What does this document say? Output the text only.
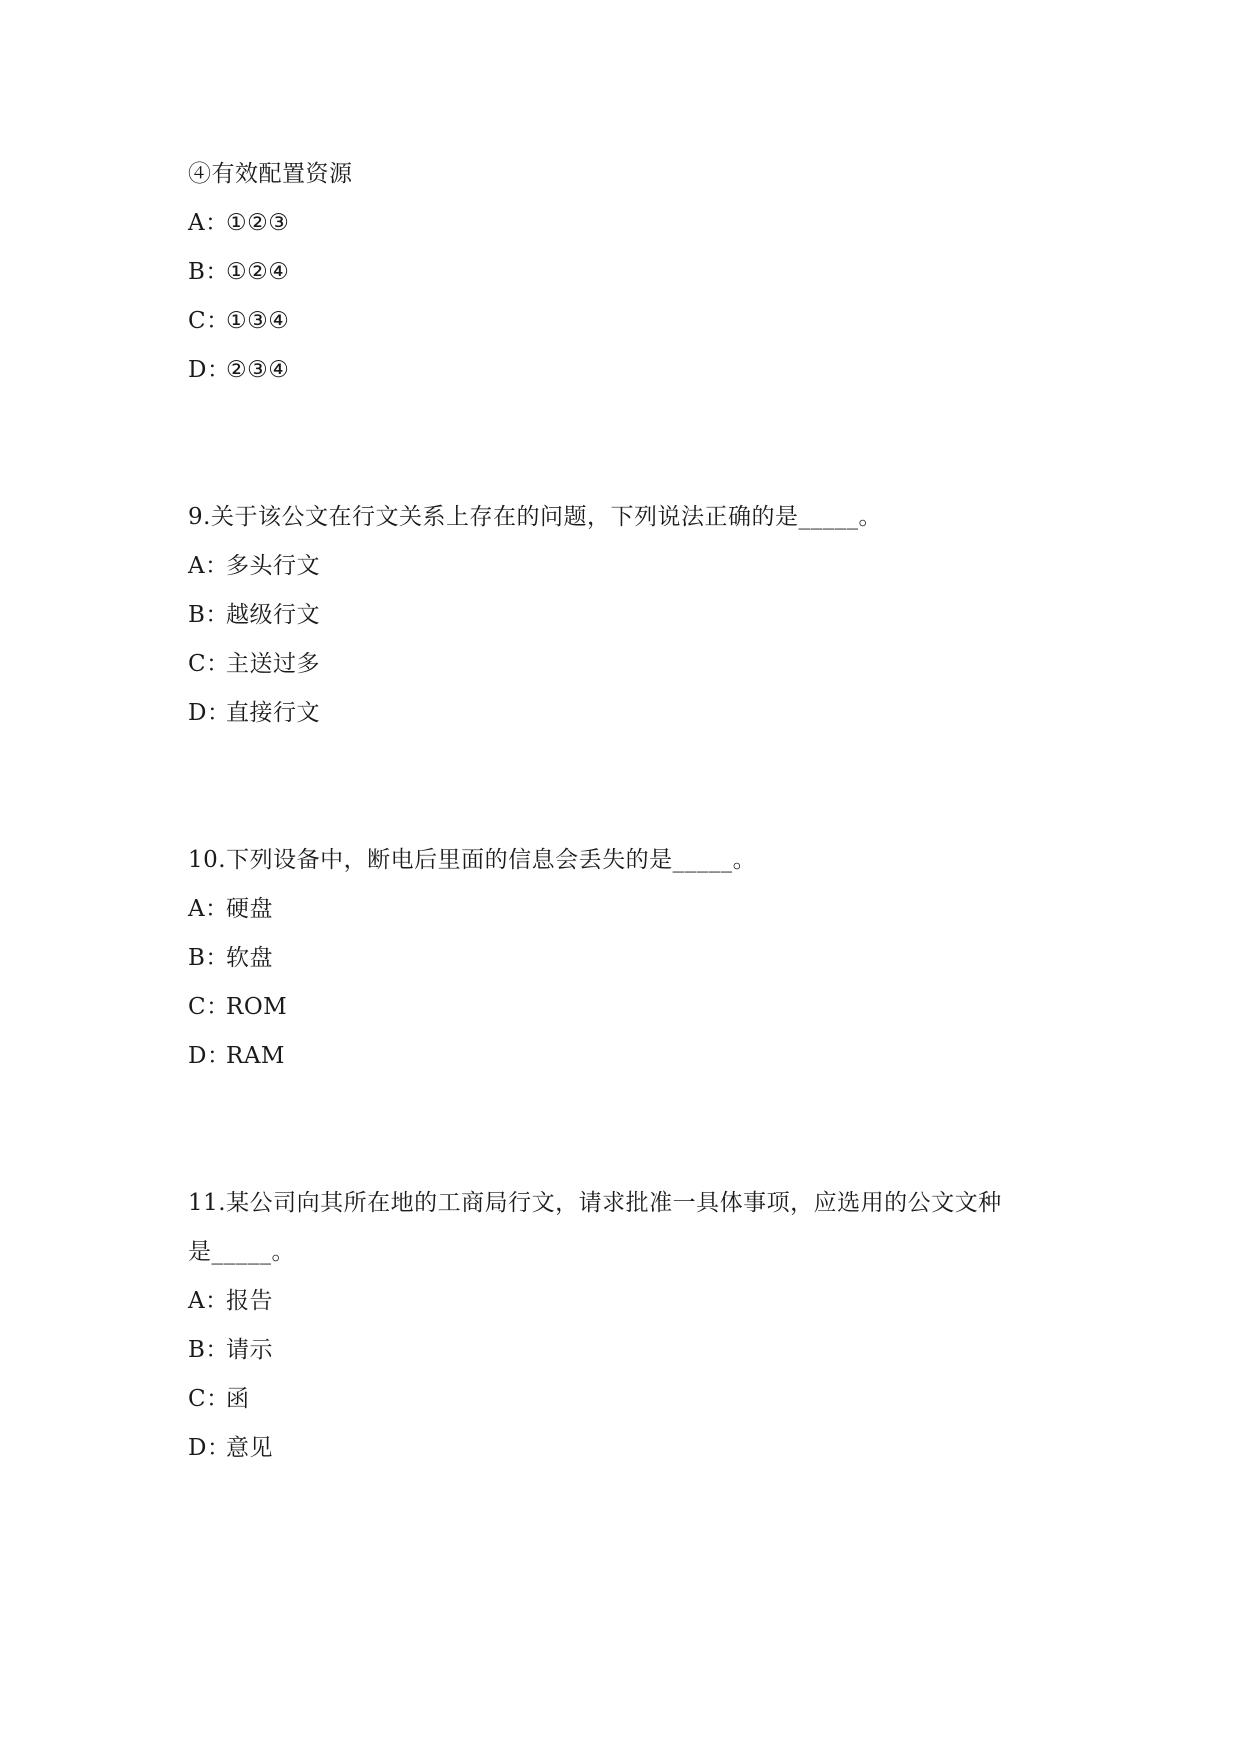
④有效配置资源
A：①②③
B：①②④
C：①③④
D：②③④
9.关于该公文在行文关系上存在的问题，下列说法正确的是_____。
A：多头行文
B：越级行文
C：主送过多
D：直接行文
10.下列设备中，断电后里面的信息会丢失的是_____。
A：硬盘
B：软盘
C：ROM
D：RAM
11.某公司向其所在地的工商局行文，请求批准一具体事项，应选用的公文文种
是_____。
A：报告
B：请示
C：函
D：意见
